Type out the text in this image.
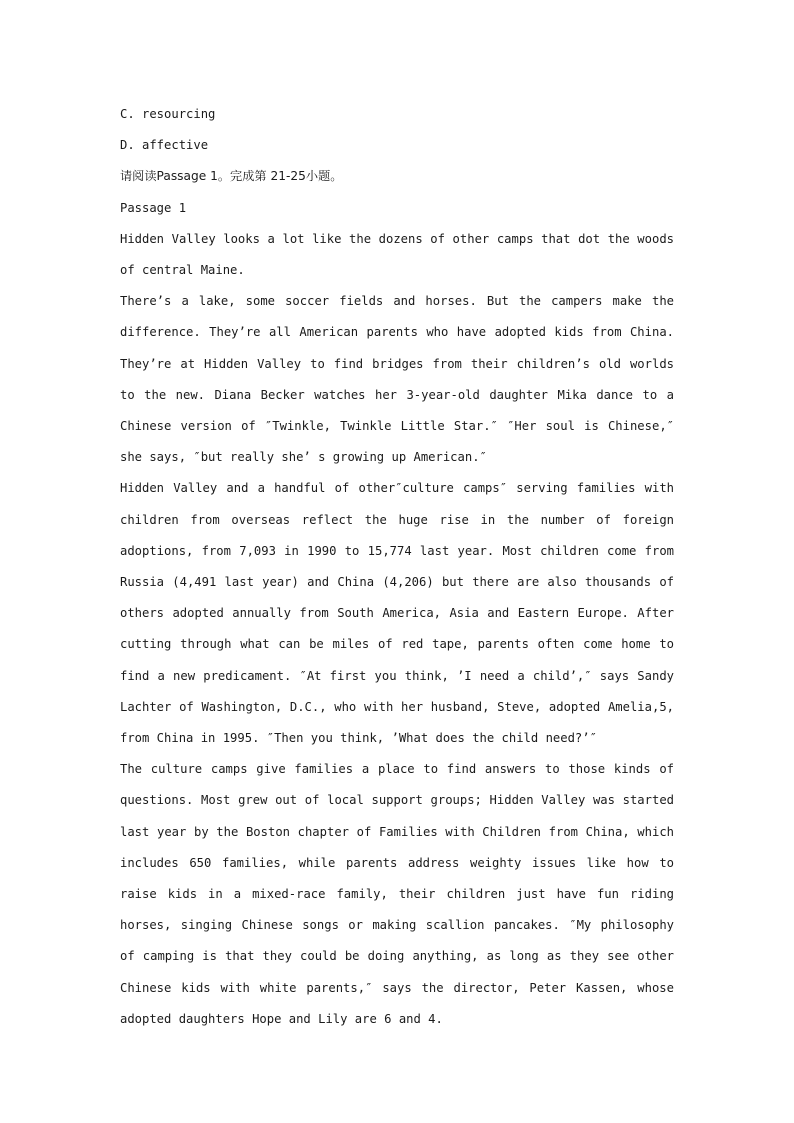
C. resourcing
D. affective
请阅读Passage 1。完成第 21-25小题。
Passage 1

Hidden Valley looks a lot like the dozens of other camps that dot the woods of central Maine.

There’s a lake, some soccer fields and horses. But the campers make the difference. They’re all American parents who have adopted kids from China. They’re at Hidden Valley to find bridges from their children’s old worlds to the new. Diana Becker watches her 3-year-old daughter Mika dance to a Chinese version of ″Twinkle, Twinkle Little Star.″ ″Her soul is Chinese,″ she says, ″but really she’ s growing up American.″

Hidden Valley and a handful of other″culture camps″ serving families with children from overseas reflect the huge rise in the number of foreign adoptions, from 7,093 in 1990 to 15,774 last year. Most children come from Russia (4,491 last year) and China (4,206) but there are also thousands of others adopted annually from South America, Asia and Eastern Europe. After cutting through what can be miles of red tape, parents often come home to find a new predicament. ″At first you think, ’I need a child’,″ says Sandy Lachter of Washington, D.C., who with her husband, Steve, adopted Amelia,5, from China in 1995. ″Then you think, ’What does the child need?’″

The culture camps give families a place to find answers to those kinds of questions. Most grew out of local support groups; Hidden Valley was started last year by the Boston chapter of Families with Children from China, which includes 650 families, while parents address weighty issues like how to raise kids in a mixed-race family, their children just have fun riding horses, singing Chinese songs or making scallion pancakes. ″My philosophy of camping is that they could be doing anything, as long as they see other Chinese kids with white parents,″ says the director, Peter Kassen, whose adopted daughters Hope and Lily are 6 and 4.
